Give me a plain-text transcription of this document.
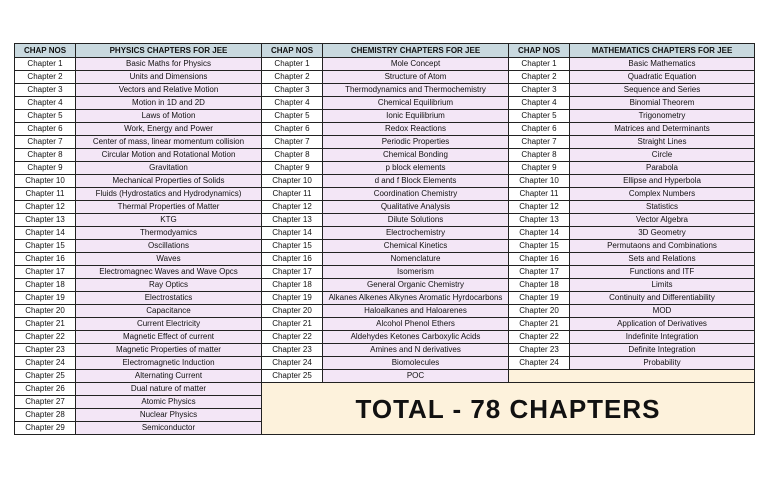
CHAP NOS	PHYSICS CHAPTERS FOR JEE	CHAP NOS	CHEMISTRY CHAPTERS FOR JEE	CHAP NOS	MATHEMATICS CHAPTERS FOR JEE
Chapter 1	Basic Maths for Physics	Chapter 1	Mole Concept	Chapter 1	Basic Mathematics
Chapter 2	Units and Dimensions	Chapter 2	Structure of Atom	Chapter 2	Quadratic Equation
Chapter 3	Vectors and Relative Motion	Chapter 3	Thermodynamics and Thermochemistry	Chapter 3	Sequence and Series
Chapter 4	Motion in 1D and 2D	Chapter 4	Chemical Equilibrium	Chapter 4	Binomial Theorem
Chapter 5	Laws of Motion	Chapter 5	Ionic Equilibrium	Chapter 5	Trigonometry
Chapter 6	Work, Energy and Power	Chapter 6	Redox Reactions	Chapter 6	Matrices and Determinants
Chapter 7	Center of mass, linear momentum collision	Chapter 7	Periodic Properties	Chapter 7	Straight Lines
Chapter 8	Circular Motion and Rotational Motion	Chapter 8	Chemical Bonding	Chapter 8	Circle
Chapter 9	Gravitation	Chapter 9	p block elements	Chapter 9	Parabola
Chapter 10	Mechanical Properties of Solids	Chapter 10	d and f Block Elements	Chapter 10	Ellipse and Hyperbola
Chapter 11	Fluids (Hydrostatics and Hydrodynamics)	Chapter 11	Coordination Chemistry	Chapter 11	Complex Numbers
Chapter 12	Thermal Properties of Matter	Chapter 12	Qualitative Analysis	Chapter 12	Statistics
Chapter 13	KTG	Chapter 13	Dilute Solutions	Chapter 13	Vector Algebra
Chapter 14	Thermodyamics	Chapter 14	Electrochemistry	Chapter 14	3D Geometry
Chapter 15	Oscillations	Chapter 15	Chemical Kinetics	Chapter 15	Permutaons and Combinations
Chapter 16	Waves	Chapter 16	Nomenclature	Chapter 16	Sets and Relations
Chapter 17	Electromagnec Waves and Wave Opcs	Chapter 17	Isomerism	Chapter 17	Functions and ITF
Chapter 18	Ray Optics	Chapter 18	General Organic Chemistry	Chapter 18	Limits
Chapter 19	Electrostatics	Chapter 19	Alkanes Alkenes Alkynes Aromatic Hyrdocarbons	Chapter 19	Continuity and Differentiability
Chapter 20	Capacitance	Chapter 20	Haloalkanes and Haloarenes	Chapter 20	MOD
Chapter 21	Current Electricity	Chapter 21	Alcohol Phenol Ethers	Chapter 21	Application of Derivatives
Chapter 22	Magnetic Effect of current	Chapter 22	Aldehydes Ketones Carboxylic Acids	Chapter 22	Indefinite Integration
Chapter 23	Magnetic Properties of matter	Chapter 23	Amines and N derivatives	Chapter 23	Definite Integration
Chapter 24	Electromagnetic Induction	Chapter 24	Biomolecules	Chapter 24	Probability
Chapter 25	Alternating Current	Chapter 25	POC		
Chapter 26	Dual nature of matter	TOTAL - 78 CHAPTERS			
Chapter 27	Atomic Physics				
Chapter 28	Nuclear Physics				
Chapter 29	Semiconductor				
